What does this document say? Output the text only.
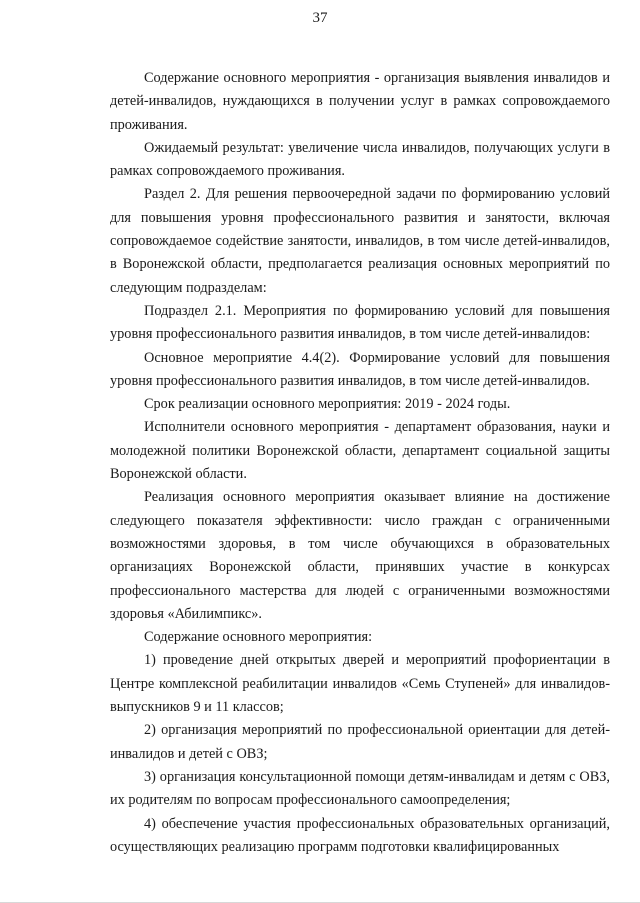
37

Содержание основного мероприятия - организация выявления инвалидов и детей-инвалидов, нуждающихся в получении услуг в рамках сопровождаемого проживания.

Ожидаемый результат: увеличение числа инвалидов, получающих услуги в рамках сопровождаемого проживания.

Раздел 2. Для решения первоочередной задачи по формированию условий для повышения уровня профессионального развития и занятости, включая сопровождаемое содействие занятости, инвалидов, в том числе детей-инвалидов, в Воронежской области, предполагается реализация основных мероприятий по следующим подразделам:

Подраздел 2.1. Мероприятия по формированию условий для повышения уровня профессионального развития инвалидов, в том числе детей-инвалидов:

Основное мероприятие 4.4(2). Формирование условий для повышения уровня профессионального развития инвалидов, в том числе детей-инвалидов.

Срок реализации основного мероприятия: 2019 - 2024 годы.

Исполнители основного мероприятия - департамент образования, науки и молодежной политики Воронежской области, департамент социальной защиты Воронежской области.

Реализация основного мероприятия оказывает влияние на достижение следующего показателя эффективности: число граждан с ограниченными возможностями здоровья, в том числе обучающихся в образовательных организациях Воронежской области, принявших участие в конкурсах профессионального мастерства для людей с ограниченными возможностями здоровья «Абилимпикс».

Содержание основного мероприятия:

1) проведение дней открытых дверей и мероприятий профориентации в Центре комплексной реабилитации инвалидов «Семь Ступеней» для инвалидов-выпускников 9 и 11 классов;

2) организация мероприятий по профессиональной ориентации для детей-инвалидов и детей с ОВЗ;

3) организация консультационной помощи детям-инвалидам и детям с ОВЗ, их родителям по вопросам профессионального самоопределения;

4) обеспечение участия профессиональных образовательных организаций, осуществляющих реализацию программ подготовки квалифицированных
